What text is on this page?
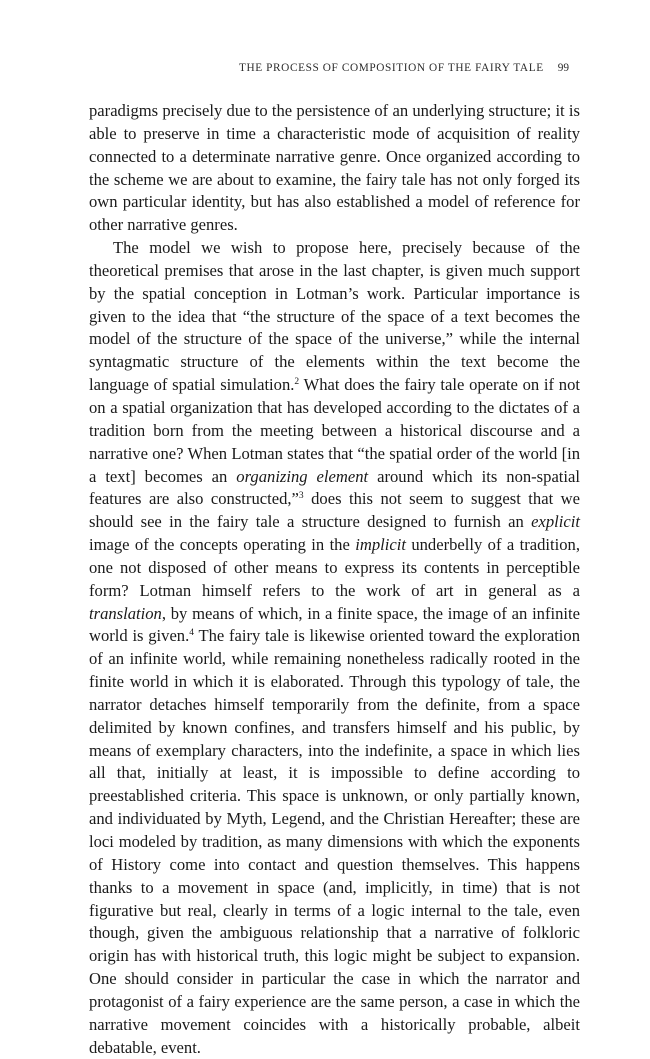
THE PROCESS OF COMPOSITION OF THE FAIRY TALE 99

paradigms precisely due to the persistence of an underlying structure; it is able to preserve in time a characteristic mode of acquisition of reality connected to a determinate narrative genre. Once organized according to the scheme we are about to examine, the fairy tale has not only forged its own particular identity, but has also established a model of reference for other narrative genres.

The model we wish to propose here, precisely because of the theoretical premises that arose in the last chapter, is given much support by the spatial conception in Lotman’s work. Particular importance is given to the idea that “the structure of the space of a text becomes the model of the structure of the space of the universe,” while the internal syntagmatic structure of the elements within the text become the language of spatial simulation.$^2$ What does the fairy tale operate on if not on a spatial organization that has developed according to the dictates of a tradition born from the meeting between a historical discourse and a narrative one? When Lotman states that “the spatial order of the world [in a text] becomes an organizing element around which its non-spatial features are also constructed,”$^3$ does this not seem to suggest that we should see in the fairy tale a structure designed to furnish an explicit image of the concepts operating in the implicit underbelly of a tradition, one not disposed of other means to express its contents in perceptible form? Lotman himself refers to the work of art in general as a translation, by means of which, in a finite space, the image of an infinite world is given.$^4$ The fairy tale is likewise oriented toward the exploration of an infinite world, while remaining nonetheless radically rooted in the finite world in which it is elaborated. Through this typology of tale, the narrator detaches himself temporarily from the definite, from a space delimited by known confines, and transfers himself and his public, by means of exemplary characters, into the indefinite, a space in which lies all that, initially at least, it is impossible to define according to preestablished criteria. This space is unknown, or only partially known, and individuated by Myth, Legend, and the Christian Hereafter; these are loci modeled by tradition, as many dimensions with which the exponents of History come into contact and question themselves. This happens thanks to a movement in space (and, implicitly, in time) that is not figurative but real, clearly in terms of a logic internal to the tale, even though, given the ambiguous relationship that a narrative of folkloric origin has with historical truth, this logic might be subject to expansion. One should consider in particular the case in which the narrator and protagonist of a fairy experience are the same person, a case in which the narrative movement coincides with a historically probable, albeit debatable, event.
